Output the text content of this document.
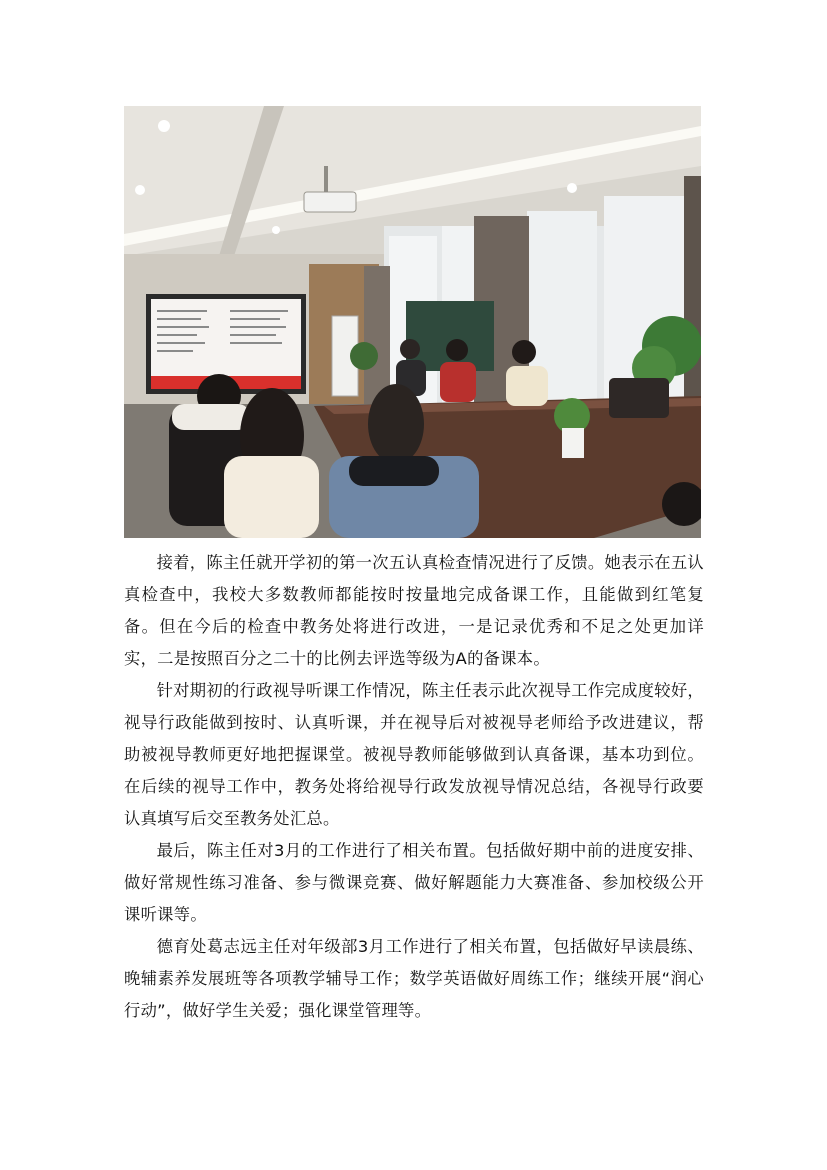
接着，陈主任就开学初的第一次五认真检查情况进行了反馈。她表示在五认真检查中，我校大多数教师都能按时按量地完成备课工作，且能做到红笔复备。但在今后的检查中教务处将进行改进，一是记录优秀和不足之处更加详实，二是按照百分之二十的比例去评选等级为A的备课本。

针对期初的行政视导听课工作情况，陈主任表示此次视导工作完成度较好，视导行政能做到按时、认真听课，并在视导后对被视导老师给予改进建议，帮助被视导教师更好地把握课堂。被视导教师能够做到认真备课，基本功到位。在后续的视导工作中，教务处将给视导行政发放视导情况总结，各视导行政要认真填写后交至教务处汇总。

最后，陈主任对3月的工作进行了相关布置。包括做好期中前的进度安排、做好常规性练习准备、参与微课竞赛、做好解题能力大赛准备、参加校级公开课听课等。

德育处葛志远主任对年级部3月工作进行了相关布置，包括做好早读晨练、晚辅素养发展班等各项教学辅导工作；数学英语做好周练工作；继续开展“润心行动”，做好学生关爱；强化课堂管理等。
